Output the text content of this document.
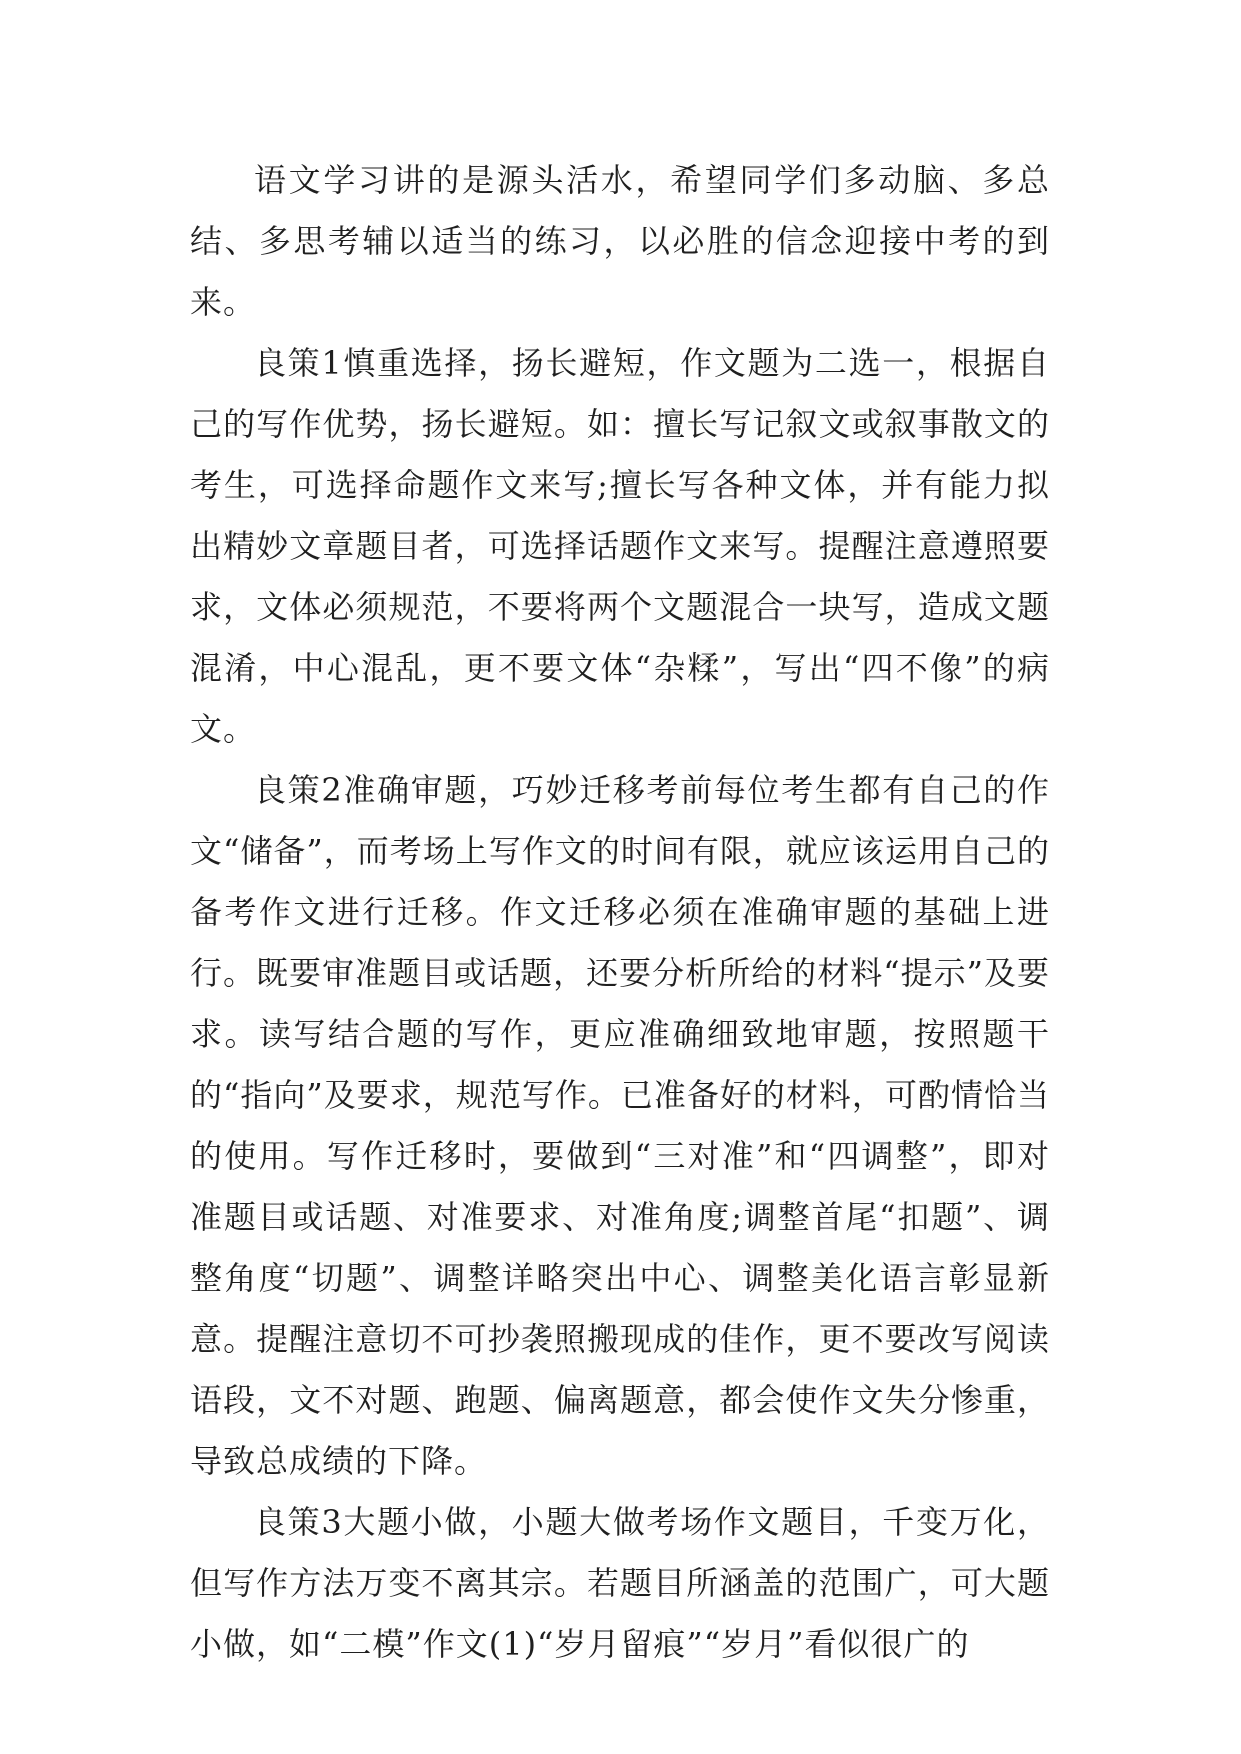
语文学习讲的是源头活水，希望同学们多动脑、多总结、多思考辅以适当的练习，以必胜的信念迎接中考的到来。

良策1慎重选择，扬长避短，作文题为二选一，根据自己的写作优势，扬长避短。如：擅长写记叙文或叙事散文的考生，可选择命题作文来写;擅长写各种文体，并有能力拟出精妙文章题目者，可选择话题作文来写。提醒注意遵照要求，文体必须规范，不要将两个文题混合一块写，造成文题混淆，中心混乱，更不要文体“杂糅”，写出“四不像”的病文。

良策2准确审题，巧妙迁移考前每位考生都有自己的作文“储备”，而考场上写作文的时间有限，就应该运用自己的备考作文进行迁移。作文迁移必须在准确审题的基础上进行。既要审准题目或话题，还要分析所给的材料“提示”及要求。读写结合题的写作，更应准确细致地审题，按照题干的“指向”及要求，规范写作。已准备好的材料，可酌情恰当的使用。写作迁移时，要做到“三对准”和“四调整”，即对准题目或话题、对准要求、对准角度;调整首尾“扣题”、调整角度“切题”、调整详略突出中心、调整美化语言彰显新意。提醒注意切不可抄袭照搬现成的佳作，更不要改写阅读语段，文不对题、跑题、偏离题意，都会使作文失分惨重，导致总成绩的下降。

良策3大题小做，小题大做考场作文题目，千变万化，但写作方法万变不离其宗。若题目所涵盖的范围广，可大题小做，如“二模”作文(1)“岁月留痕”“岁月”看似很广的
